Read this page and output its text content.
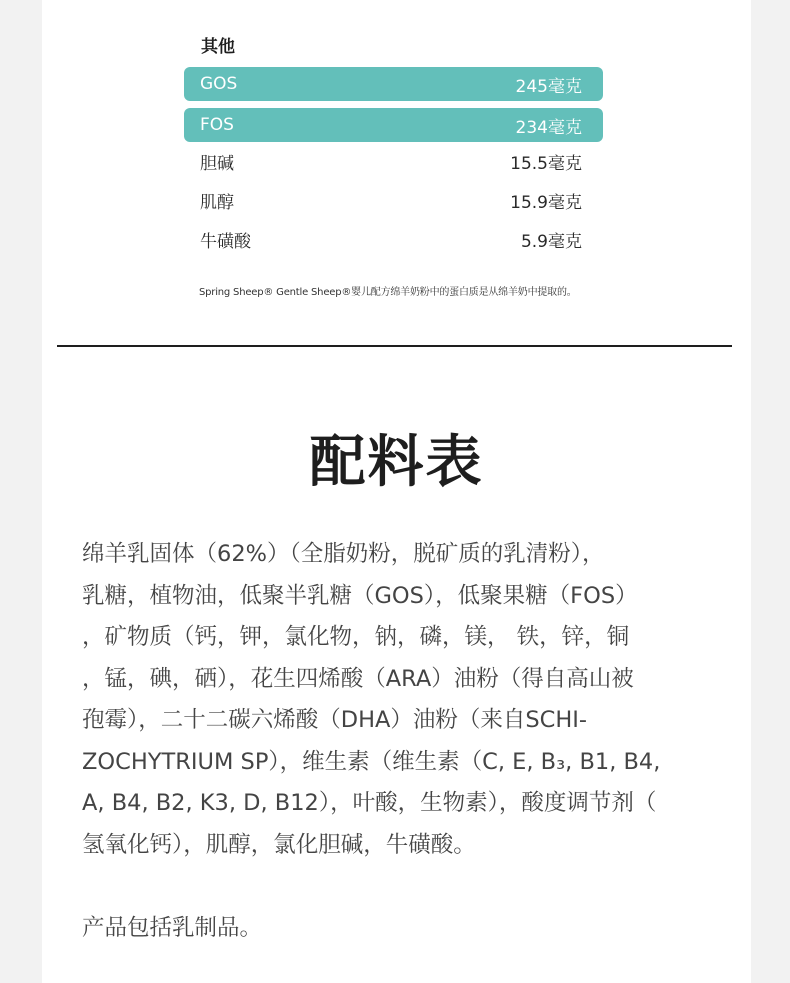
其他
GOS	245毫克
FOS	234毫克
胆碱	15.5毫克
肌醇	15.9毫克
牛磺酸	5.9毫克
Spring Sheep® Gentle Sheep®婴儿配方绵羊奶粉中的蛋白质是从绵羊奶中提取的。
配料表
绵羊乳固体（62%）（全脂奶粉，脱矿质的乳清粉），
乳糖，植物油，低聚半乳糖（GOS），低聚果糖（FOS）
，矿物质（钙，钾，氯化物，钠，磷，镁， 铁，锌，铜
，锰，碘，硒），花生四烯酸（ARA）油粉（得自高山被
孢霉），二十二碳六烯酸（DHA）油粉（来自SCHI-
ZOCHYTRIUM SP），维生素（维生素（C, E, B₃, B1, B4,
A, B4, B2, K3, D, B12），叶酸，生物素），酸度调节剂（
氢氧化钙），肌醇，氯化胆碱，牛磺酸。
产品包括乳制品。
